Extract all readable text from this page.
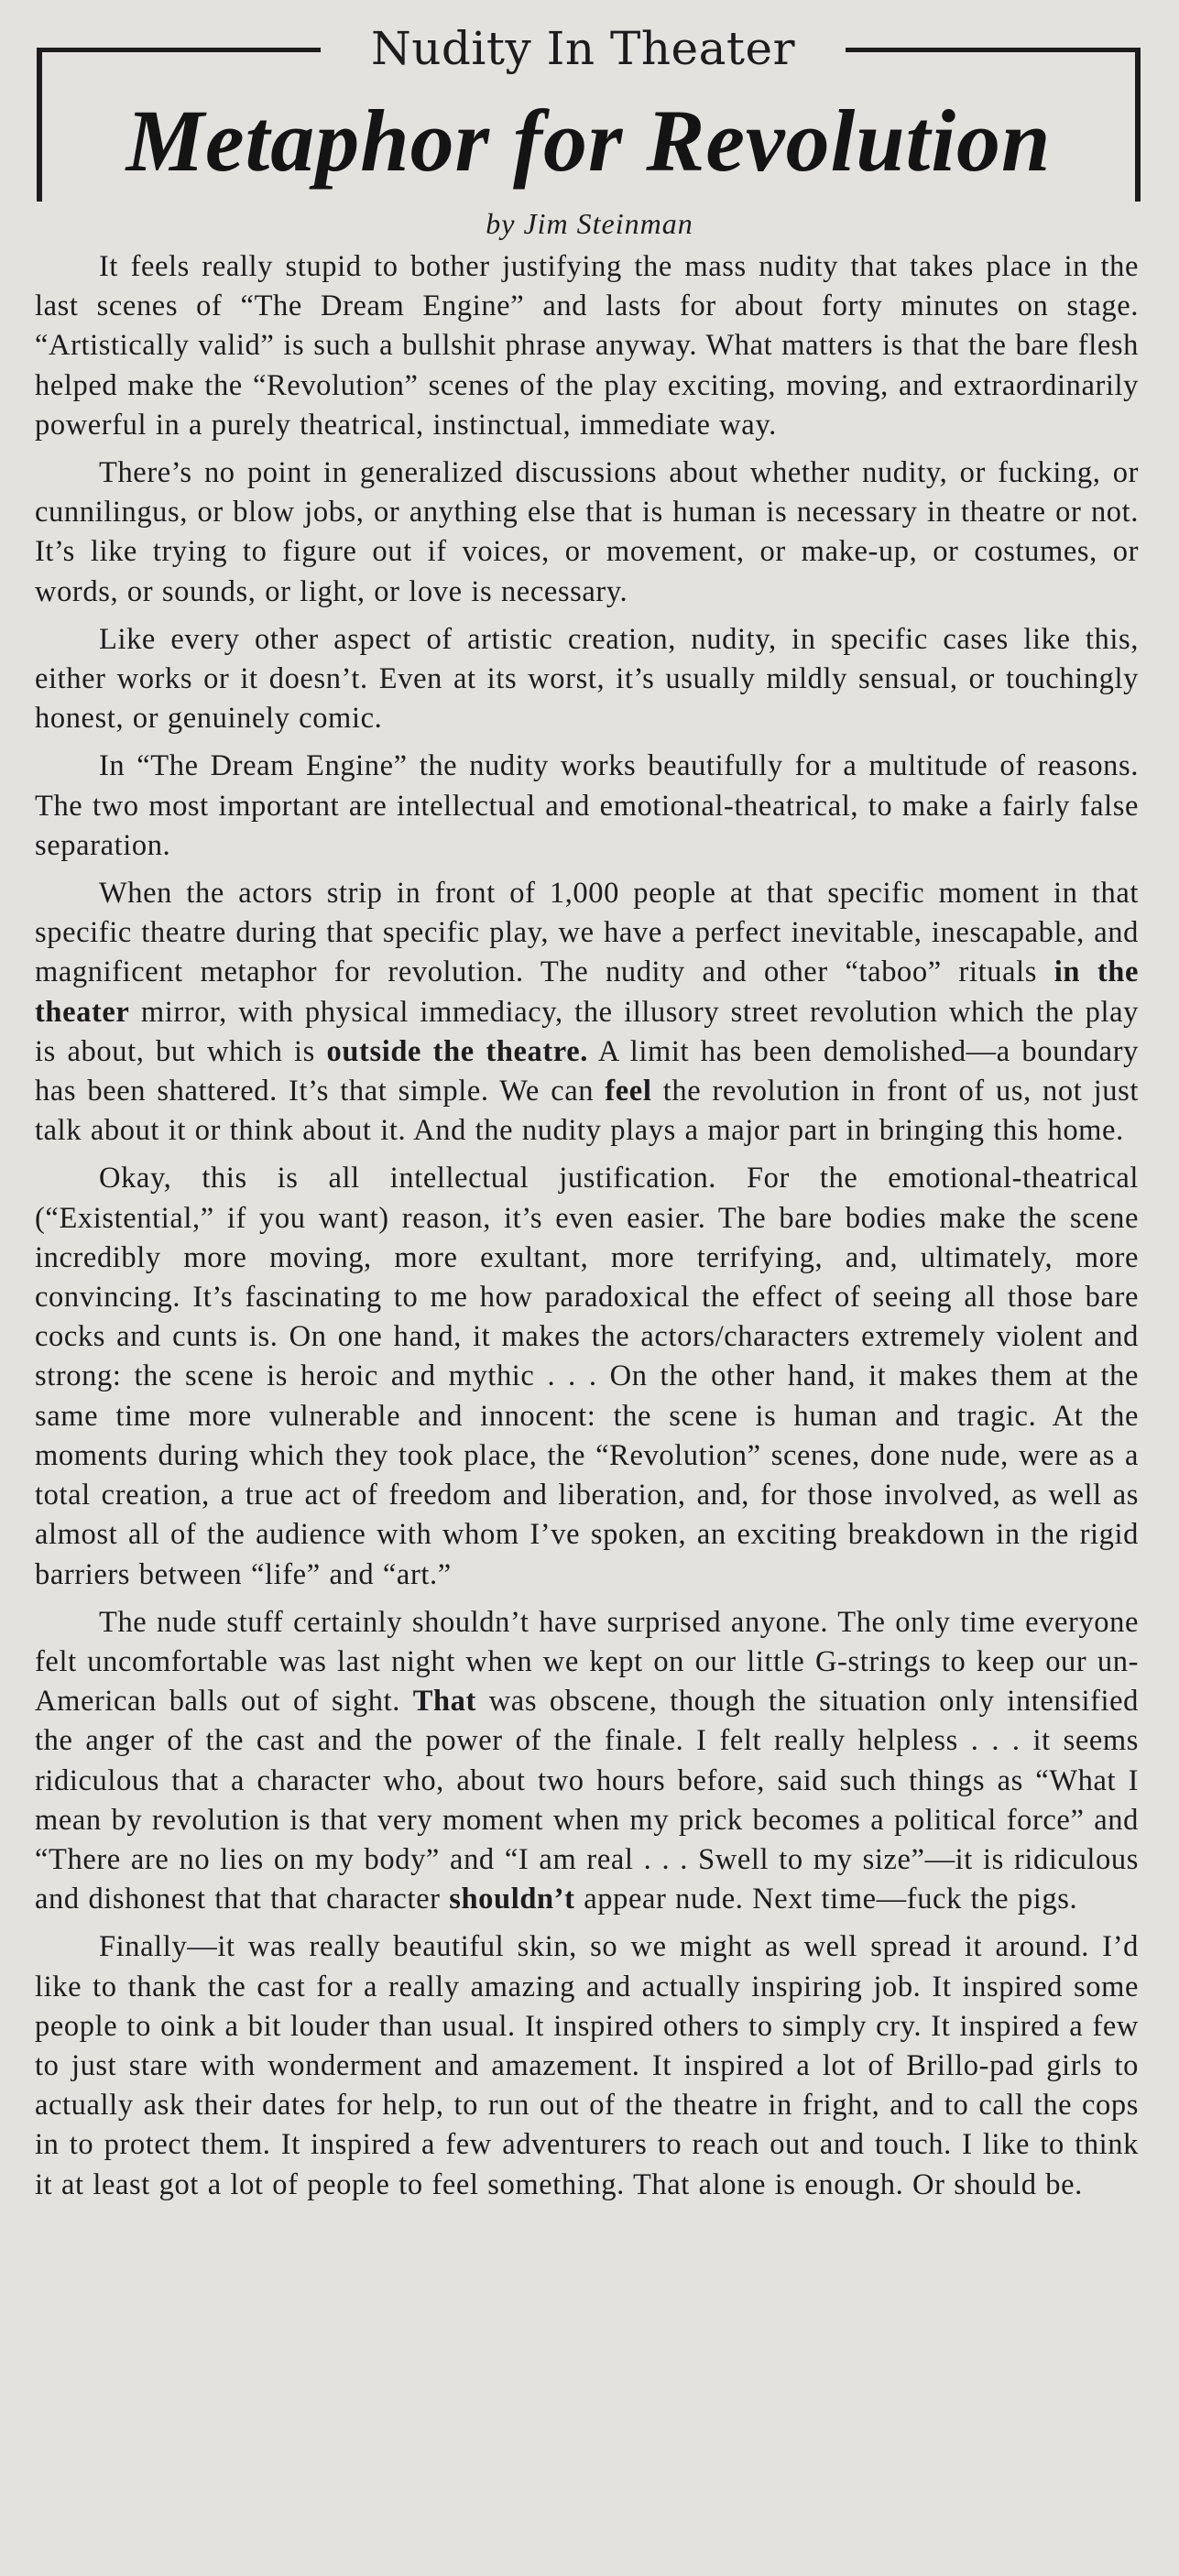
Nudity In Theater
Metaphor for Revolution
by Jim Steinman

It feels really stupid to bother justifying the mass nudity that takes place in the last scenes of “The Dream Engine” and lasts for about forty minutes on stage. “Artistically valid” is such a bullshit phrase anyway. What matters is that the bare flesh helped make the “Revolution” scenes of the play exciting, moving, and extraordinarily powerful in a purely theatrical, instinctual, immediate way.

There’s no point in generalized discussions about whether nudity, or fucking, or cunnilingus, or blow jobs, or anything else that is human is necessary in theatre or not. It’s like trying to figure out if voices, or movement, or make-up, or costumes, or words, or sounds, or light, or love is necessary.

Like every other aspect of artistic creation, nudity, in specific cases like this, either works or it doesn’t. Even at its worst, it’s usually mildly sensual, or touchingly honest, or genuinely comic.

In “The Dream Engine” the nudity works beautifully for a multitude of reasons. The two most important are intellectual and emotional-theatrical, to make a fairly false separation.

When the actors strip in front of 1,000 people at that specific moment in that specific theatre during that specific play, we have a perfect inevitable, inescapable, and magnificent metaphor for revolution. The nudity and other “taboo” rituals in the theater mirror, with physical immediacy, the illusory street revolution which the play is about, but which is outside the theatre. A limit has been demolished—a boundary has been shattered. It’s that simple. We can feel the revolution in front of us, not just talk about it or think about it. And the nudity plays a major part in bringing this home.

Okay, this is all intellectual justification. For the emotional-theatrical (“Existential,” if you want) reason, it’s even easier. The bare bodies make the scene incredibly more moving, more exultant, more terrifying, and, ultimately, more convincing. It’s fascinating to me how paradoxical the effect of seeing all those bare cocks and cunts is. On one hand, it makes the actors/characters extremely violent and strong: the scene is heroic and mythic . . . On the other hand, it makes them at the same time more vulnerable and innocent: the scene is human and tragic. At the moments during which they took place, the “Revolution” scenes, done nude, were as a total creation, a true act of freedom and liberation, and, for those involved, as well as almost all of the audience with whom I’ve spoken, an exciting breakdown in the rigid barriers between “life” and “art.”

The nude stuff certainly shouldn’t have surprised anyone. The only time everyone felt uncomfortable was last night when we kept on our little G-strings to keep our un-American balls out of sight. That was obscene, though the situation only intensified the anger of the cast and the power of the finale. I felt really helpless . . . it seems ridiculous that a character who, about two hours before, said such things as “What I mean by revolution is that very moment when my prick becomes a political force” and “There are no lies on my body” and “I am real . . . Swell to my size”—it is ridiculous and dishonest that that character shouldn’t appear nude. Next time—fuck the pigs.

Finally—it was really beautiful skin, so we might as well spread it around. I’d like to thank the cast for a really amazing and actually inspiring job. It inspired some people to oink a bit louder than usual. It inspired others to simply cry. It inspired a few to just stare with wonderment and amazement. It inspired a lot of Brillo-pad girls to actually ask their dates for help, to run out of the theatre in fright, and to call the cops in to protect them. It inspired a few adventurers to reach out and touch. I like to think it at least got a lot of people to feel something. That alone is enough. Or should be.
